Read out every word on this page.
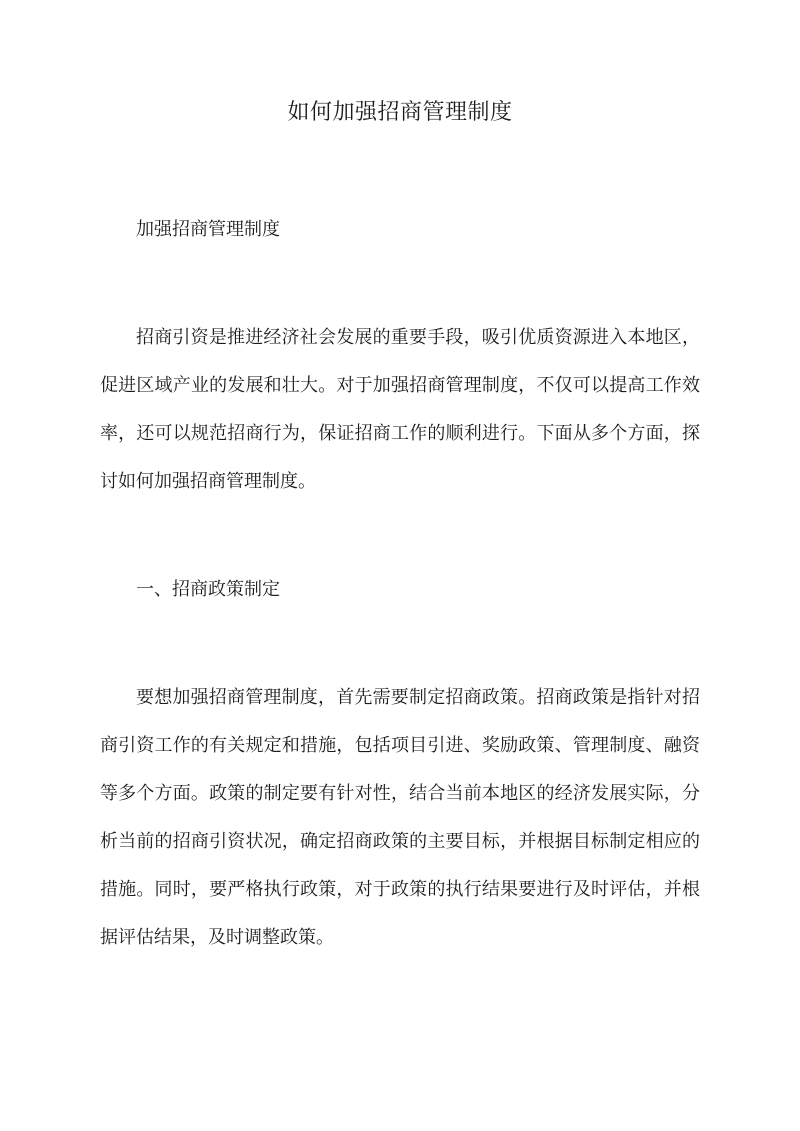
如何加强招商管理制度

加强招商管理制度

招商引资是推进经济社会发展的重要手段，吸引优质资源进入本地区，促进区域产业的发展和壮大。对于加强招商管理制度，不仅可以提高工作效率，还可以规范招商行为，保证招商工作的顺利进行。下面从多个方面，探讨如何加强招商管理制度。

一、招商政策制定

要想加强招商管理制度，首先需要制定招商政策。招商政策是指针对招商引资工作的有关规定和措施，包括项目引进、奖励政策、管理制度、融资等多个方面。政策的制定要有针对性，结合当前本地区的经济发展实际，分析当前的招商引资状况，确定招商政策的主要目标，并根据目标制定相应的措施。同时，要严格执行政策，对于政策的执行结果要进行及时评估，并根据评估结果，及时调整政策。
